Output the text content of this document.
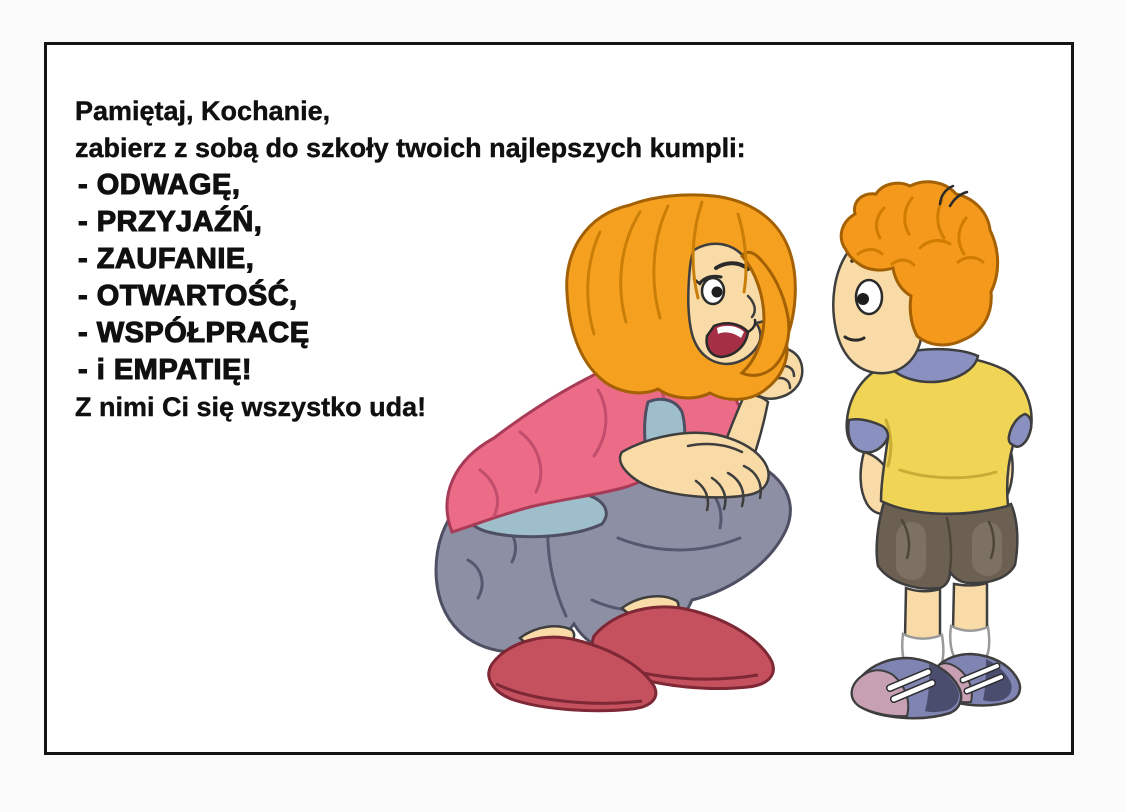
Pamiętaj, Kochanie,
zabierz z sobą do szkoły twoich najlepszych kumpli:
- ODWAGĘ,
- PRZYJAŹŃ,
- ZAUFANIE,
- OTWARTOŚĆ,
- WSPÓŁPRACĘ
- i EMPATIĘ!
Z nimi Ci się wszystko uda!
